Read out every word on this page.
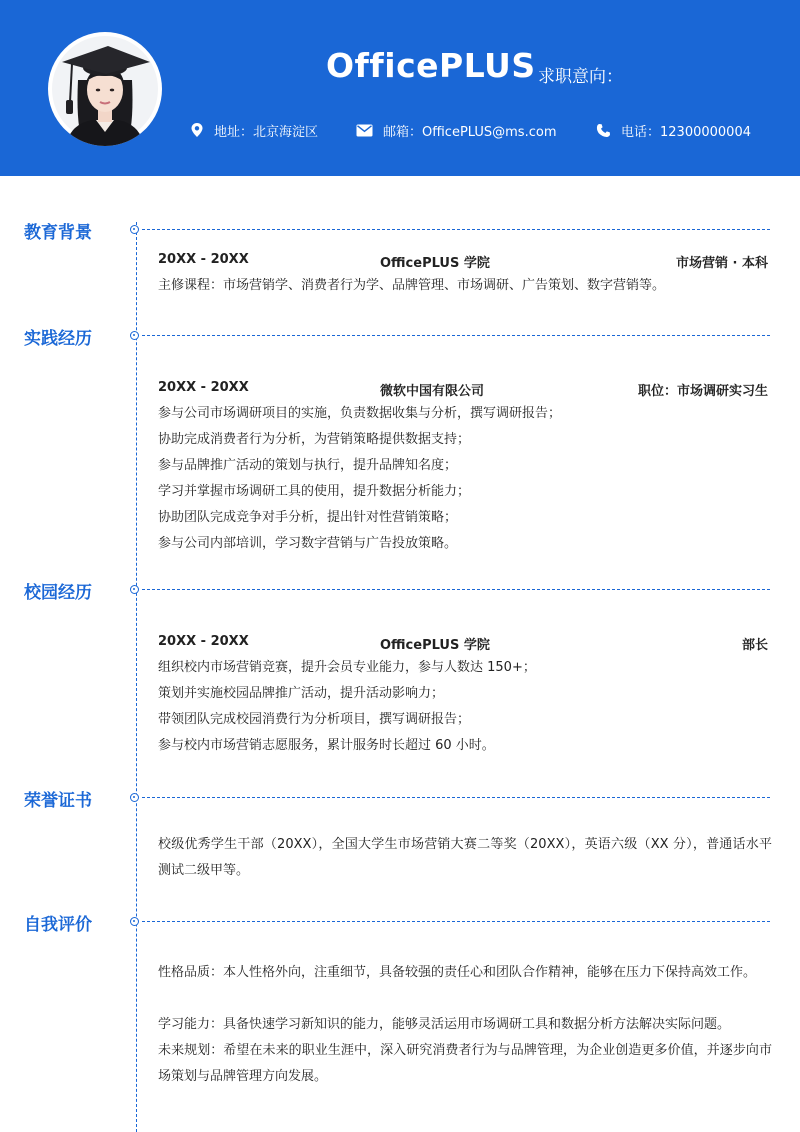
OfficePLUS 求职意向：
地址：北京海淀区	邮箱：OfficePLUS@ms.com	电话：12300000004
教育背景
20XX - 20XX	OfficePLUS 学院	市场营销 · 本科
主修课程：市场营销学、消费者行为学、品牌管理、市场调研、广告策划、数字营销等。
实践经历
20XX - 20XX	微软中国有限公司	职位：市场调研实习生
参与公司市场调研项目的实施，负责数据收集与分析，撰写调研报告；
协助完成消费者行为分析，为营销策略提供数据支持；
参与品牌推广活动的策划与执行，提升品牌知名度；
学习并掌握市场调研工具的使用，提升数据分析能力；
协助团队完成竞争对手分析，提出针对性营销策略；
参与公司内部培训，学习数字营销与广告投放策略。
校园经历
20XX - 20XX	OfficePLUS 学院	部长
组织校内市场营销竞赛，提升会员专业能力，参与人数达 150+；
策划并实施校园品牌推广活动，提升活动影响力；
带领团队完成校园消费行为分析项目，撰写调研报告；
参与校内市场营销志愿服务，累计服务时长超过 60 小时。
荣誉证书
校级优秀学生干部（20XX），全国大学生市场营销大赛二等奖（20XX），英语六级（XX 分），普通话水平测试二级甲等。
自我评价
性格品质：本人性格外向，注重细节，具备较强的责任心和团队合作精神，能够在压力下保持高效工作。
学习能力：具备快速学习新知识的能力，能够灵活运用市场调研工具和数据分析方法解决实际问题。
未来规划：希望在未来的职业生涯中，深入研究消费者行为与品牌管理，为企业创造更多价值，并逐步向市场策划与品牌管理方向发展。
